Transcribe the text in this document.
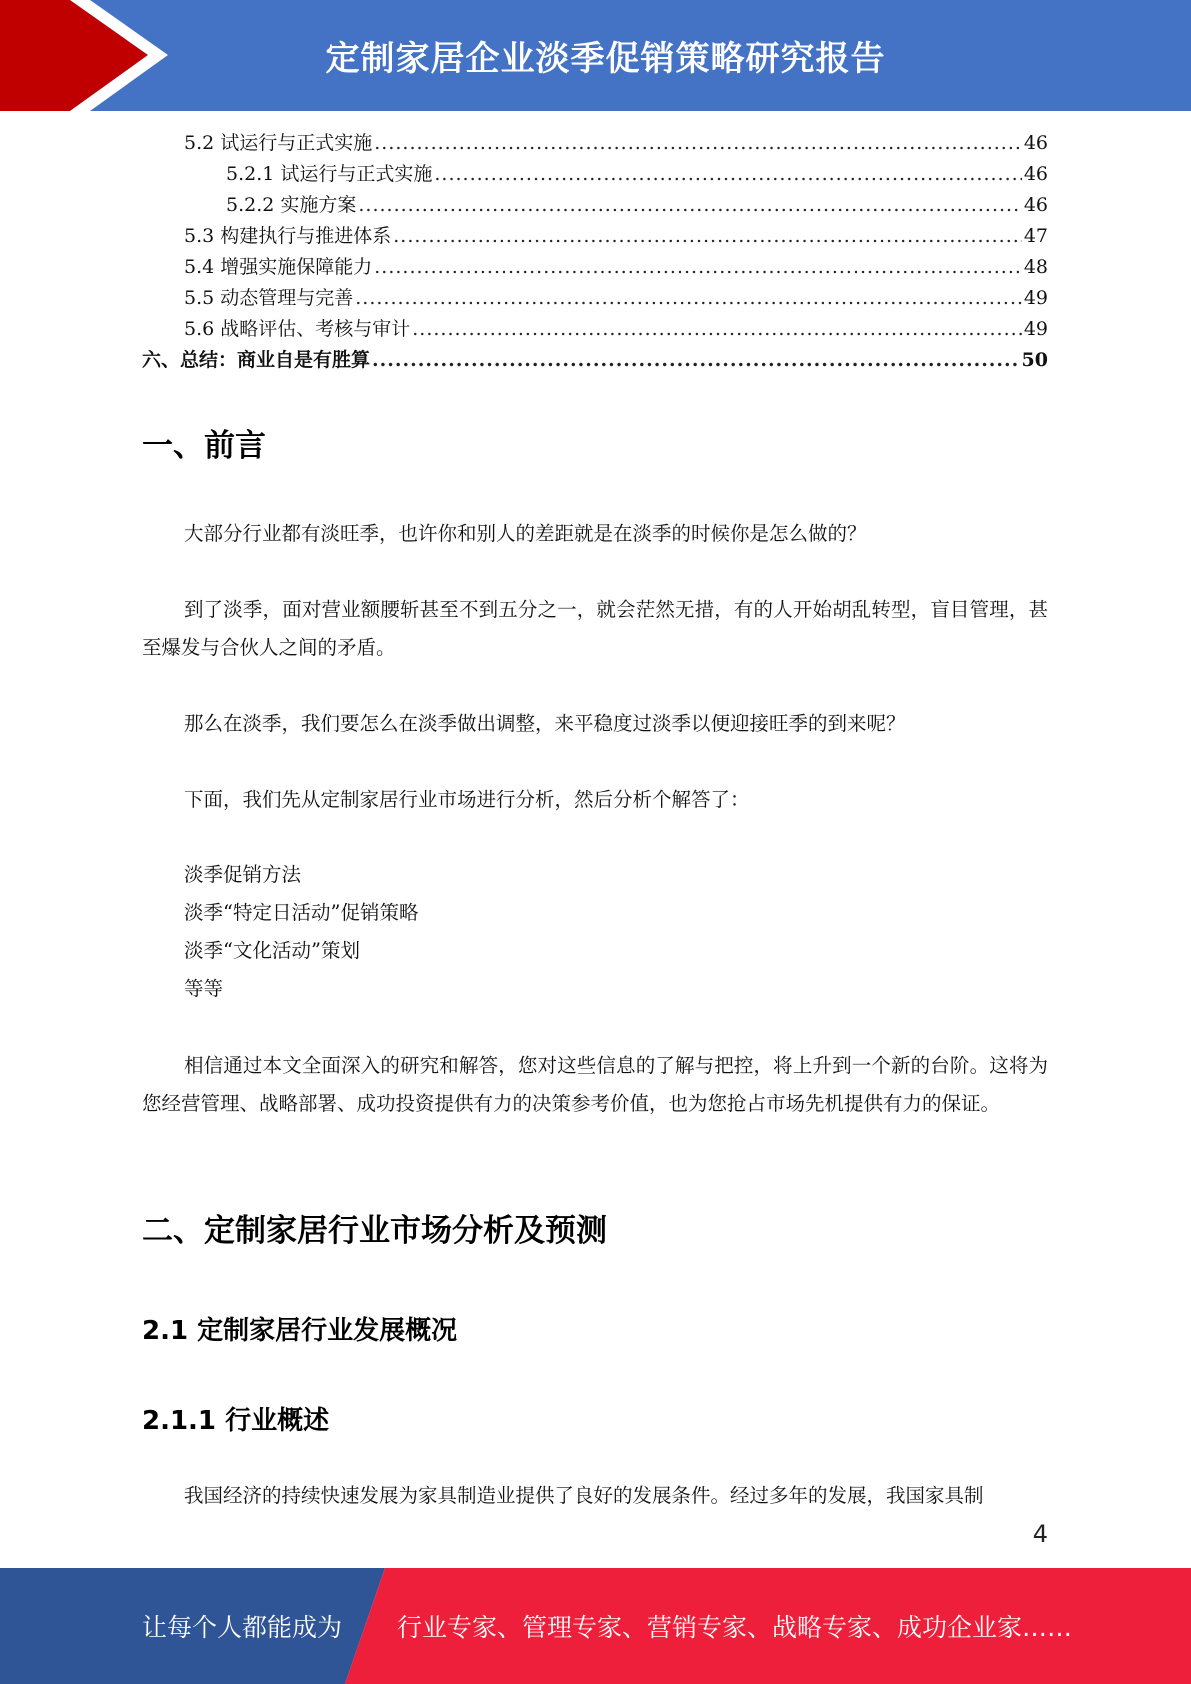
定制家居企业淡季促销策略研究报告
5.2 试运行与正式实施 .....	46
5.2.1 试运行与正式实施 .....	46
5.2.2 实施方案 .....	46
5.3 构建执行与推进体系 .....	47
5.4 增强实施保障能力 .....	48
5.5 动态管理与完善 .....	49
5.6 战略评估、考核与审计 .....	49
六、总结：商业自是有胜算 .....	50
一、前言

大部分行业都有淡旺季，也许你和别人的差距就是在淡季的时候你是怎么做的？

到了淡季，面对营业额腰斩甚至不到五分之一，就会茫然无措，有的人开始胡乱转型，盲目管理，甚至爆发与合伙人之间的矛盾。

那么在淡季，我们要怎么在淡季做出调整，来平稳度过淡季以便迎接旺季的到来呢？

下面，我们先从定制家居行业市场进行分析，然后分析个解答了：

淡季促销方法
淡季“特定日活动”促销策略
淡季“文化活动”策划
等等

相信通过本文全面深入的研究和解答，您对这些信息的了解与把控，将上升到一个新的台阶。这将为您经营管理、战略部署、成功投资提供有力的决策参考价值，也为您抢占市场先机提供有力的保证。

二、定制家居行业市场分析及预测
2.1 定制家居行业发展概况
2.1.1 行业概述

我国经济的持续快速发展为家具制造业提供了良好的发展条件。经过多年的发展，我国家具制

4
让每个人都能成为 行业专家、管理专家、营销专家、战略专家、成功企业家……
